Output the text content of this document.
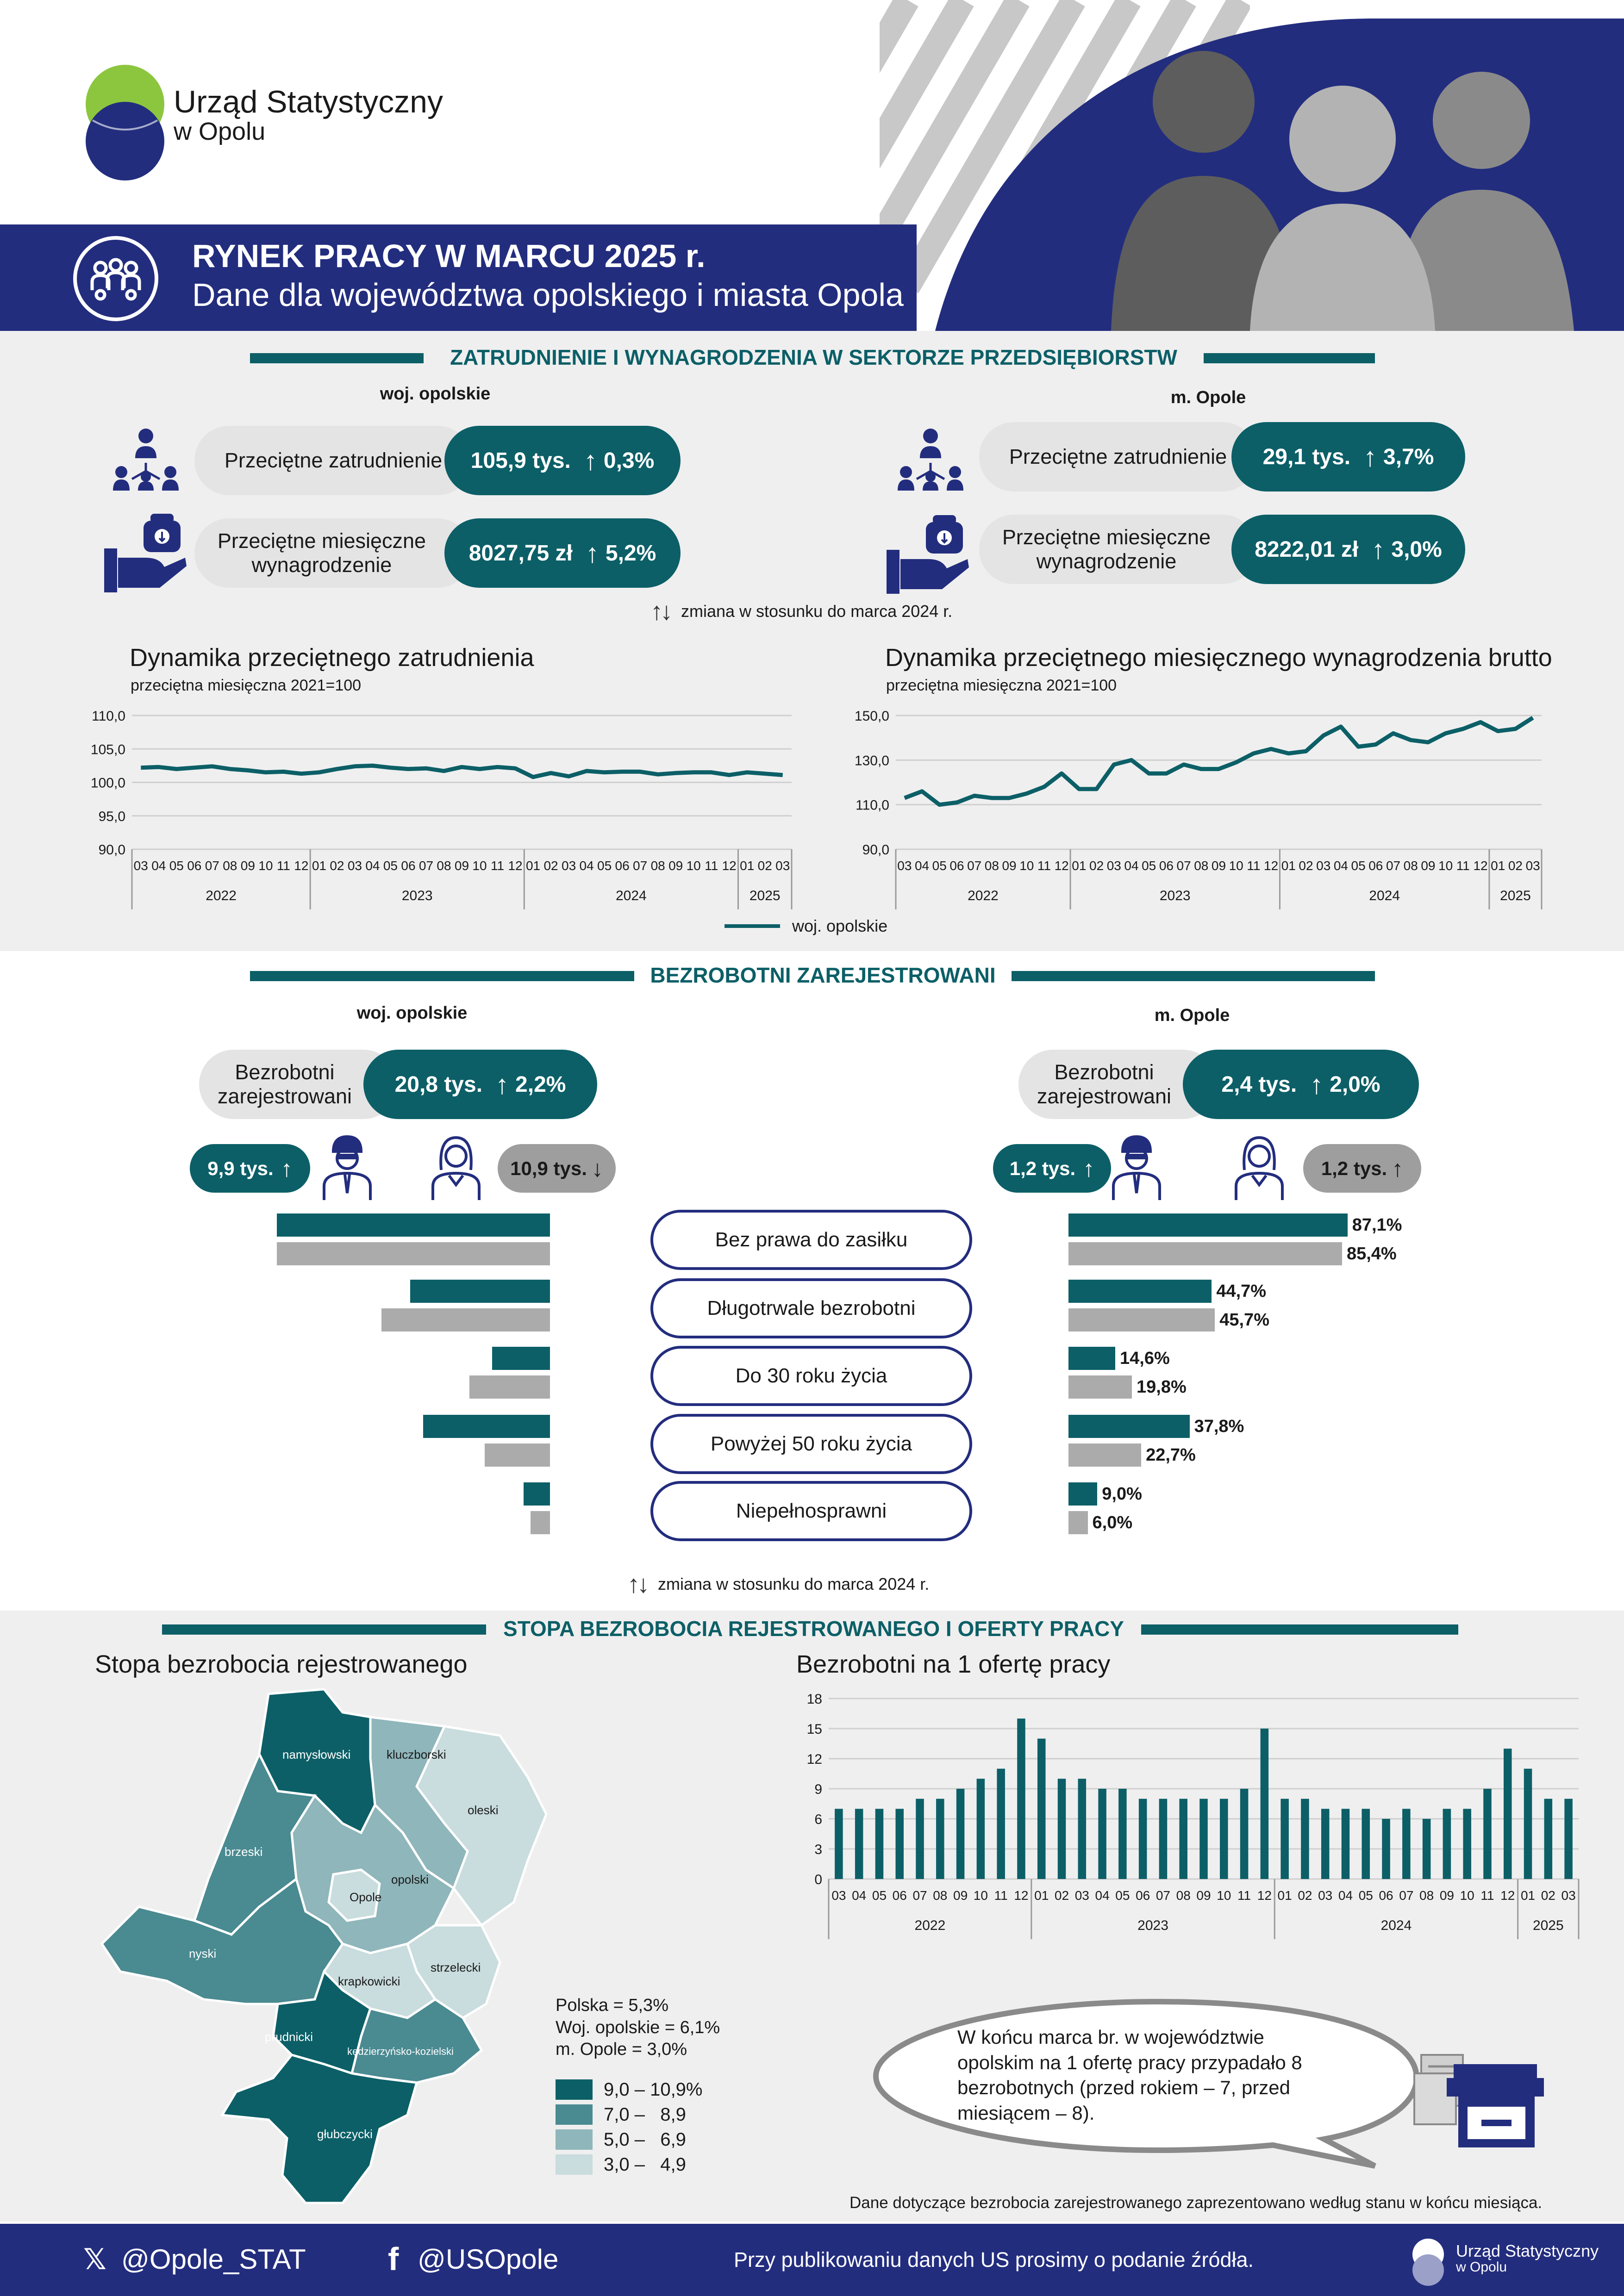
Urząd Statystyczny
w Opolu
RYNEK PRACY W MARCU 2025 r.
Dane dla województwa opolskiego i miasta Opola
ZATRUDNIENIE I WYNAGRODZENIA W SEKTORZE PRZEDSIĘBIORSTW
woj. opolskie	m. Opole
Przeciętne zatrudnienie	105,9 tys. ↑ 0,3%
Przeciętne miesięczne wynagrodzenie	8027,75 zł ↑ 5,2%
Przeciętne zatrudnienie	29,1 tys. ↑ 3,7%
Przeciętne miesięczne wynagrodzenie	8222,01 zł ↑ 3,0%
↑↓ zmiana w stosunku do marca 2024 r.
Dynamika przeciętnego zatrudnienia
przeciętna miesięczna 2021=100
110,0
105,0
100,0
95,0
90,0
03 04 05 06 07 08 09 10 11 12 01 02 03 04 05 06 07 08 09 10 11 12 01 02 03 04 05 06 07 08 09 10 11 12 01 02 03
2022	2023	2024	2025
Dynamika przeciętnego miesięcznego wynagrodzenia brutto
przeciętna miesięczna 2021=100
150,0
130,0
110,0
90,0
03 04 05 06 07 08 09 10 11 12 01 02 03 04 05 06 07 08 09 10 11 12 01 02 03 04 05 06 07 08 09 10 11 12 01 02 03
2022	2023	2024	2025
woj. opolskie
BEZROBOTNI ZAREJESTROWANI
woj. opolskie	m. Opole
Bezrobotni zarejestrowani	20,8 tys. ↑ 2,2%	Bezrobotni zarejestrowani	2,4 tys. ↑ 2,0%
9,9 tys. ↑	10,9 tys. ↓	1,2 tys. ↑	1,2 tys. ↑
Bez prawa do zasiłku
Długotrwale bezrobotni
Do 30 roku życia
Powyżej 50 roku życia
Niepełnosprawni
87,1%
85,4%
44,7%
45,7%
14,6%
19,8%
37,8%
22,7%
9,0%
6,0%
↑↓ zmiana w stosunku do marca 2024 r.
STOPA BEZROBOCIA REJESTROWANEGO I OFERTY PRACY
Stopa bezrobocia rejestrowanego
namysłowski	kluczborski
oleski
brzeski
opolski
Opole
strzelecki
nyski
krapkowicki
prudnicki
kędzierzyńsko-kozielski
głubczycki
Polska = 5,3%
Woj. opolskie = 6,1%
m. Opole = 3,0%
9,0 – 10,9%
7,0 –   8,9
5,0 –   6,9
3,0 –   4,9
Bezrobotni na 1 ofertę pracy
18
15
12
9
6
3
0
03 04 05 06 07 08 09 10 11 12 01 02 03 04 05 06 07 08 09 10 11 12 01 02 03 04 05 06 07 08 09 10 11 12 01 02 03
2022	2023	2024	2025
W końcu marca br. w województwie opolskim na 1 ofertę pracy przypadało 8 bezrobotnych (przed rokiem – 7, przed miesiącem – 8).
Dane dotyczące bezrobocia zarejestrowanego zaprezentowano według stanu w końcu miesiąca.
𝕏 @Opole_STAT	f @USOpole	Przy publikowaniu danych US prosimy o podanie źródła.	Urząd Statystyczny
w Opolu
